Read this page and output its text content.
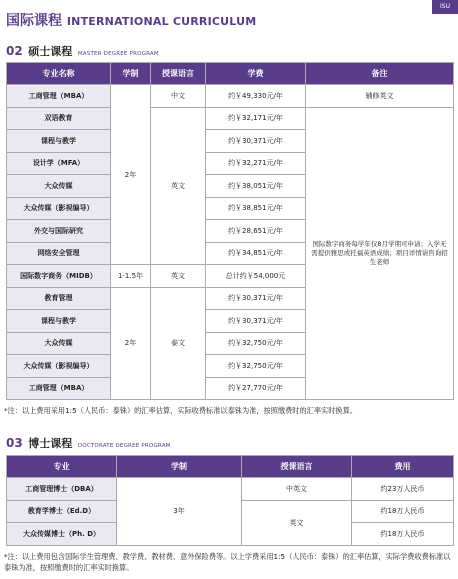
ISU
国际课程 INTERNATIONAL CURRICULUM
02 硕士课程 MASTER DEGREE PROGRAM
专业名称	学制	授课语言	学费	备注
工商管理（MBA）	2年	中文	约￥49,330元/年	辅修英文
双语教育		英文	约￥32,171元/年	国际数字商务每学年仅8月学期可申请；入学无需提供雅思或托福英语成绩；项目详情请咨询招生老师
课程与教学			约￥30,371元/年	
设计学（MFA）			约￥32,271元/年	
大众传媒			约￥38,051元/年	
大众传媒（影视编导）			约￥38,851元/年	
外交与国际研究			约￥28,651元/年	
网络安全管理			约￥34,851元/年	
国际数字商务（MIDB）	1-1.5年	英文	总计约￥54,000元	
教育管理	2年	泰文	约￥30,371元/年	
课程与教学			约￥30,371元/年	
大众传媒			约￥32,750元/年	
大众传媒（影视编导）			约￥32,750元/年	
工商管理（MBA）			约￥27,770元/年	
*注：以上费用采用1:5（人民币：泰铢）的汇率估算，实际收费标准以泰铢为准，按照缴费时的汇率实时换算。
03 博士课程 DOCTORATE DEGREE PROGRAM
专业	学制	授课语言	费用
工商管理博士（DBA）	3年	中英文	约23万人民币
教育学博士（Ed.D）		英文	约18万人民币
大众传媒博士（Ph. D）			约18万人民币
*注：以上费用包含国际学生管理费、教学费、教材费、意外保险费等。以上学费采用1:5（人民币：泰铢）的汇率估算，实际学费收费标准以泰铢为准，按照缴费时的汇率实时换算。
